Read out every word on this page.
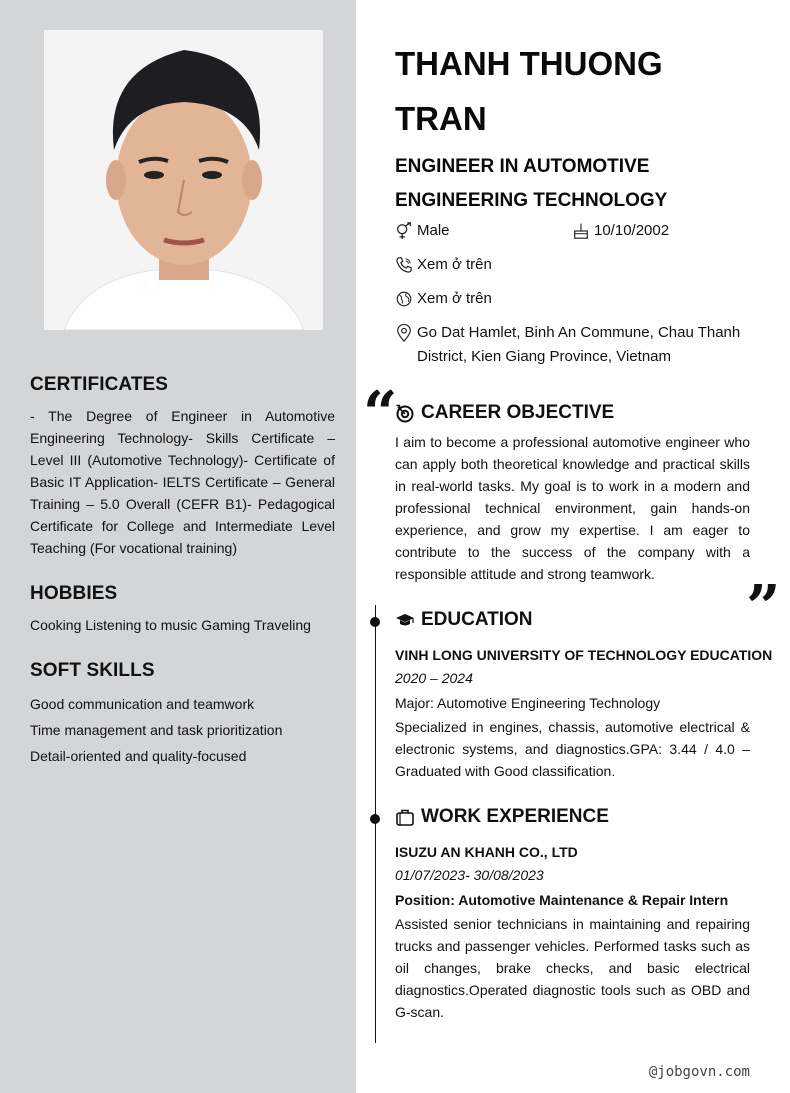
CERTIFICATES
- The Degree of Engineer in Automotive Engineering Technology- Skills Certificate – Level III (Automotive Technology)- Certificate of Basic IT Application- IELTS Certificate – General Training – 5.0 Overall (CEFR B1)- Pedagogical Certificate for College and Intermediate Level Teaching (For vocational training)
HOBBIES
Cooking Listening to music Gaming Traveling
SOFT SKILLS
Good communication and teamwork
Time management and task prioritization
Detail-oriented and quality-focused
THANH THUONG TRAN
ENGINEER IN AUTOMOTIVE ENGINEERING TECHNOLOGY
Male	10/10/2002
Xem ở trên
Xem ở trên
Go Dat Hamlet, Binh An Commune, Chau Thanh District, Kien Giang Province, Vietnam
“
”
CAREER OBJECTIVE
I aim to become a professional automotive engineer who can apply both theoretical knowledge and practical skills in real-world tasks. My goal is to work in a modern and professional technical environment, gain hands-on experience, and grow my expertise. I am eager to contribute to the success of the company with a responsible attitude and strong teamwork.
EDUCATION
VINH LONG UNIVERSITY OF TECHNOLOGY EDUCATION
2020 – 2024
Major: Automotive Engineering Technology
Specialized in engines, chassis, automotive electrical & electronic systems, and diagnostics.GPA: 3.44 / 4.0 – Graduated with Good classification.
WORK EXPERIENCE
ISUZU AN KHANH CO., LTD
01/07/2023- 30/08/2023
Position: Automotive Maintenance & Repair Intern
Assisted senior technicians in maintaining and repairing trucks and passenger vehicles. Performed tasks such as oil changes, brake checks, and basic electrical diagnostics.Operated diagnostic tools such as OBD and G-scan.
@jobgovn.com
